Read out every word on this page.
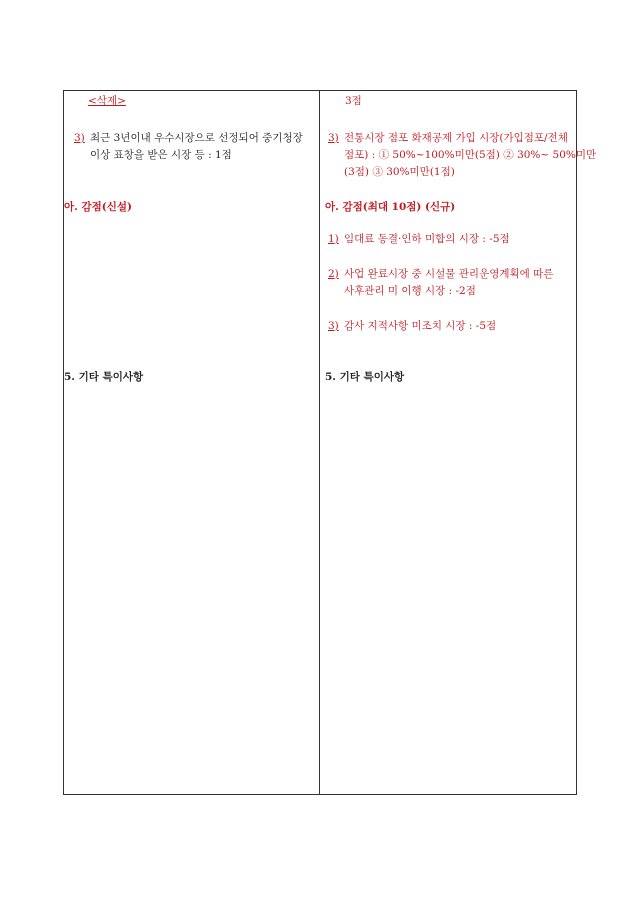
<삭제>
3) 최근 3년이내 우수시장으로 선정되어 중기청장
이상 표창을 받은 시장 등 : 1점
아. 감점(신설)
5. 기타 특이사항
3점
3) 전통시장 점포 화재공제 가입 시장(가입점포/전체
점포) : ① 50%~100%미만(5점) ② 30%~ 50%미만
(3점) ③ 30%미만(1점)
아. 감점(최대 10점) (신규)
1) 임대료 동결·인하 미합의 시장 : -5점
2) 사업 완료시장 중 시설물 관리운영계획에 따른
사후관리 미 이행 시장 : -2점
3) 감사 지적사항 미조치 시장 : -5점
5. 기타 특이사항
